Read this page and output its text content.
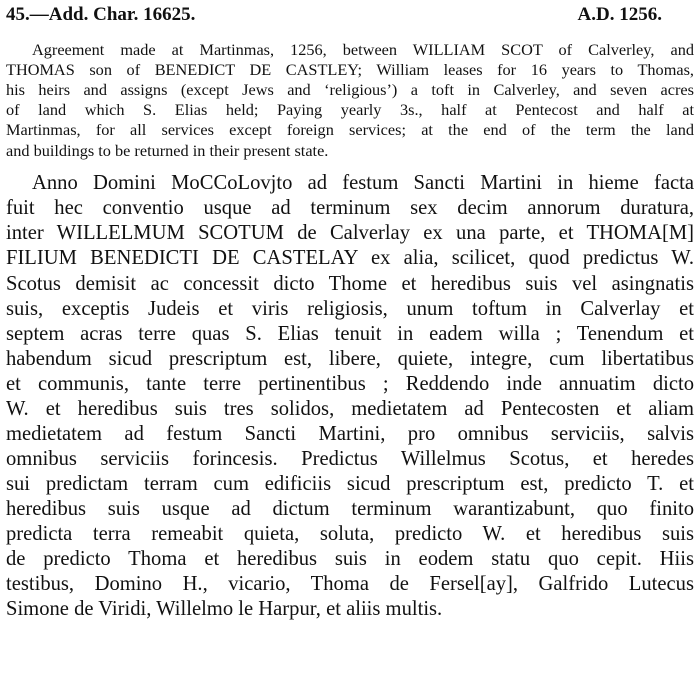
45.—Add. Char. 16625.	A.D. 1256.
Agreement made at Martinmas, 1256, between WILLIAM SCOT of Calverley, and
THOMAS son of BENEDICT DE CASTLEY; William leases for 16 years to Thomas,
his heirs and assigns (except Jews and ‘religious’) a toft in Calverley, and seven acres
of land which S. Elias held; Paying yearly 3s., half at Pentecost and half at
Martinmas, for all services except foreign services; at the end of the term the land
and buildings to be returned in their present state.
Anno Domini MoCCoLovjto ad festum Sancti Martini in hieme facta
fuit hec conventio usque ad terminum sex decim annorum duratura,
inter WILLELMUM SCOTUM de Calverlay ex una parte, et THOMA[M]
FILIUM BENEDICTI DE CASTELAY ex alia, scilicet, quod predictus W.
Scotus demisit ac concessit dicto Thome et heredibus suis vel asingnatis
suis, exceptis Judeis et viris religiosis, unum toftum in Calverlay et
septem acras terre quas S. Elias tenuit in eadem willa ; Tenendum et
habendum sicud prescriptum est, libere, quiete, integre, cum libertatibus
et communis, tante terre pertinentibus ; Reddendo inde annuatim dicto
W. et heredibus suis tres solidos, medietatem ad Pentecosten et aliam
medietatem ad festum Sancti Martini, pro omnibus serviciis, salvis
omnibus serviciis forincesis. Predictus Willelmus Scotus, et heredes
sui predictam terram cum edificiis sicud prescriptum est, predicto T. et
heredibus suis usque ad dictum terminum warantizabunt, quo finito
predicta terra remeabit quieta, soluta, predicto W. et heredibus suis
de predicto Thoma et heredibus suis in eodem statu quo cepit. Hiis
testibus, Domino H., vicario, Thoma de Fersel[ay], Galfrido Lutecus
Simone de Viridi, Willelmo le Harpur, et aliis multis.
